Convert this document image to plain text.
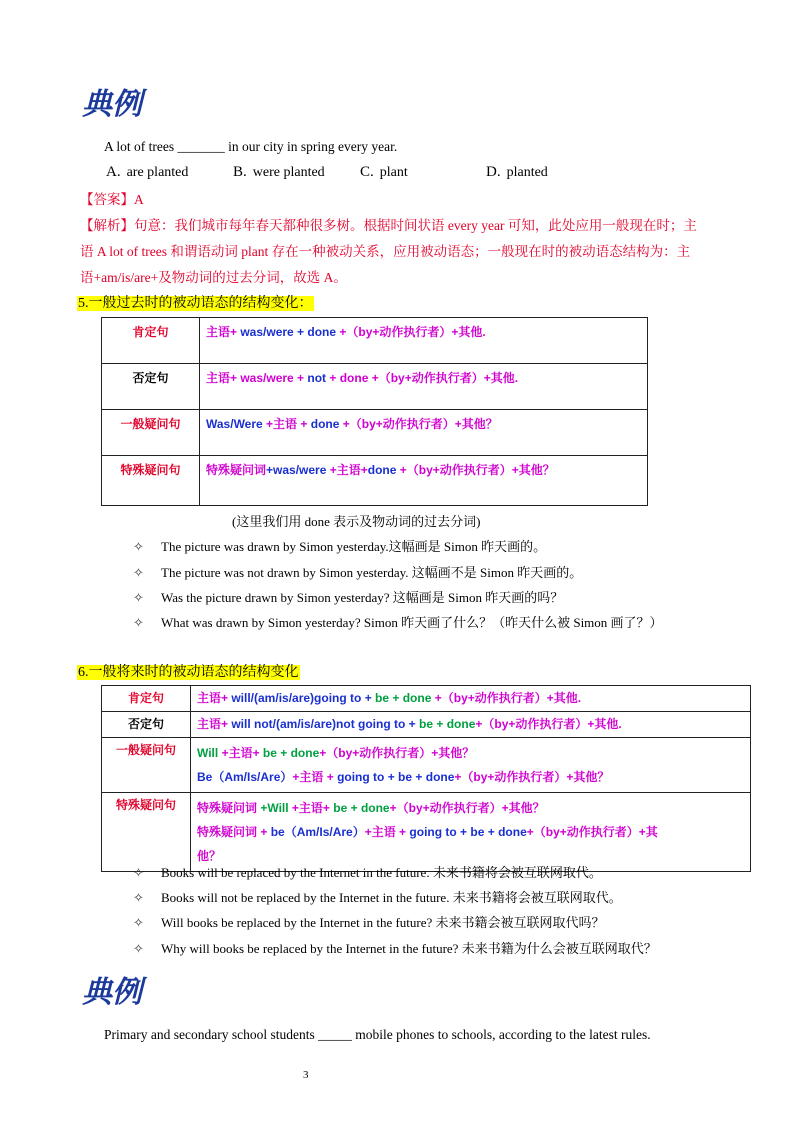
典例
A lot of trees _______ in our city in spring every year.
A. are planted	B. were planted C. plant	D. planted
【答案】A
【解析】句意：我们城市每年春天都种很多树。根据时间状语 every year 可知，此处应用一般现在时；主
语 A lot of trees 和谓语动词 plant 存在一种被动关系，应用被动语态；一般现在时的被动语态结构为：主
语+am/is/are+及物动词的过去分词，故选 A。
5.一般过去时的被动语态的结构变化：
肯定句	主语+ was/were + done +（by+动作执行者）+其他.
否定句	主语+ was/were + not + done +（by+动作执行者）+其他.
一般疑问句	Was/Were +主语 + done +（by+动作执行者）+其他？
特殊疑问句	特殊疑问词+was/were +主语+done +（by+动作执行者）+其他？
(这里我们用 done 表示及物动词的过去分词)
✧ The picture was drawn by Simon yesterday.这幅画是 Simon 昨天画的。
✧ The picture was not drawn by Simon yesterday. 这幅画不是 Simon 昨天画的。
✧ Was the picture drawn by Simon yesterday? 这幅画是 Simon 昨天画的吗？
✧ What was drawn by Simon yesterday? Simon 昨天画了什么？（昨天什么被 Simon 画了？）
6.一般将来时的被动语态的结构变化
肯定句	主语+ will/(am/is/are)going to + be + done +（by+动作执行者）+其他.
否定句	主语+ will not/(am/is/are)not going to + be + done+（by+动作执行者）+其他.
一般疑问句	Will +主语+ be + done+（by+动作执行者）+其他？
Be（Am/Is/Are）+主语 + going to + be + done+（by+动作执行者）+其他？

特殊疑问句	特殊疑问词 +Will +主语+ be + done+（by+动作执行者）+其他？
特殊疑问词 + be（Am/Is/Are）+主语 + going to + be + done+（by+动作执行者）+其
他？
✧ Books will be replaced by the Internet in the future. 未来书籍将会被互联网取代。
✧ Books will not be replaced by the Internet in the future. 未来书籍将会被互联网取代。
✧ Will books be replaced by the Internet in the future? 未来书籍会被互联网取代吗？
✧ Why will books be replaced by the Internet in the future? 未来书籍为什么会被互联网取代？
典例
Primary and secondary school students _____ mobile phones to schools, according to the latest rules.
3
